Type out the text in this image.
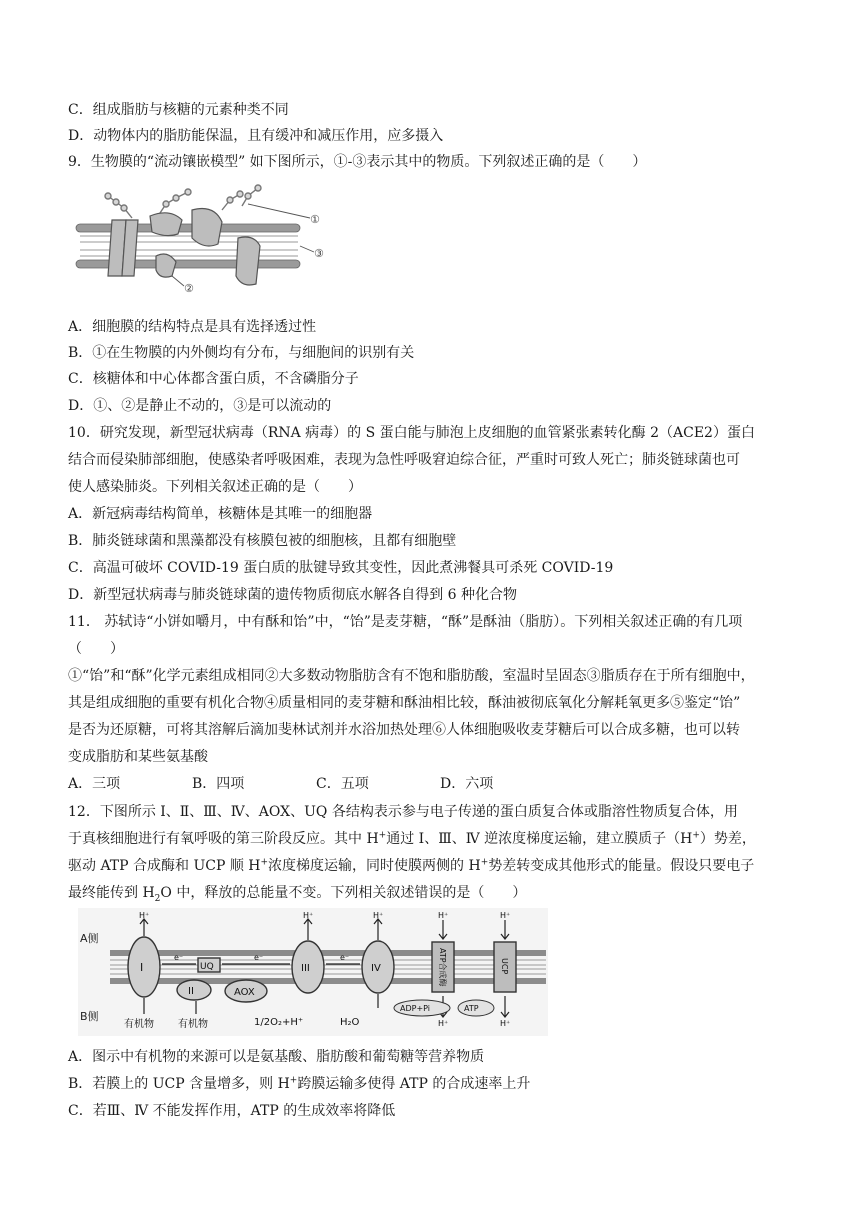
C．组成脂肪与核糖的元素种类不同
D．动物体内的脂肪能保温，且有缓冲和减压作用，应多摄入
9．生物膜的“流动镶嵌模型” 如下图所示，①-③表示其中的物质。下列叙述正确的是（　　）
①
③
②
A．细胞膜的结构特点是具有选择透过性
B．①在生物膜的内外侧均有分布，与细胞间的识别有关
C．核糖体和中心体都含蛋白质，不含磷脂分子
D．①、②是静止不动的，③是可以流动的
10．研究发现，新型冠状病毒（RNA 病毒）的 S 蛋白能与肺泡上皮细胞的血管紧张素转化酶 2（ACE2）蛋白
结合而侵染肺部细胞，使感染者呼吸困难，表现为急性呼吸窘迫综合征，严重时可致人死亡；肺炎链球菌也可
使人感染肺炎。下列相关叙述正确的是（　　）
A．新冠病毒结构简单，核糖体是其唯一的细胞器
B．肺炎链球菌和黑藻都没有核膜包被的细胞核，且都有细胞壁
C．高温可破坏 COVID-19 蛋白质的肽键导致其变性，因此煮沸餐具可杀死 COVID-19
D．新型冠状病毒与肺炎链球菌的遗传物质彻底水解各自得到 6 种化合物
11． 苏轼诗“小饼如嚼月，中有酥和饴”中，“饴”是麦芽糖，“酥”是酥油（脂肪）。下列相关叙述正确的有几项
（　　）
①“饴”和“酥”化学元素组成相同②大多数动物脂肪含有不饱和脂肪酸，室温时呈固态③脂质存在于所有细胞中，
其是组成细胞的重要有机化合物④质量相同的麦芽糖和酥油相比较，酥油被彻底氧化分解耗氧更多⑤鉴定“饴”
是否为还原糖，可将其溶解后滴加斐林试剂并水浴加热处理⑥人体细胞吸收麦芽糖后可以合成多糖，也可以转
变成脂肪和某些氨基酸
A．三项	B．四项	C．五项	D．六项
12．下图所示 Ⅰ、Ⅱ、Ⅲ、Ⅳ、AOX、UQ 各结构表示参与电子传递的蛋白质复合体或脂溶性物质复合体，用
于真核细胞进行有氧呼吸的第三阶段反应。其中 H+通过 Ⅰ、Ⅲ、Ⅳ 逆浓度梯度运输，建立膜质子（H+）势差，
驱动 ATP 合成酶和 UCP 顺 H+浓度梯度运输，同时使膜两侧的 H+势差转变成其他形式的能量。假设只要电子
最终能传到 $H_2O$ 中，释放的总能量不变。下列相关叙述错误的是（　　）
A侧
B侧
I
II
UQ
AOX
III	IV	ATP合成酶	UCP
H⁺	H⁺	H⁺	H⁺	H⁺
H⁺	H⁺
e⁻	e⁻	e⁻
有机物 有机物	1/2O₂+H⁺	H₂O
ADP+Pi	ATP
A．图示中有机物的来源可以是氨基酸、脂肪酸和葡萄糖等营养物质
B．若膜上的 UCP 含量增多，则 H+跨膜运输多使得 ATP 的合成速率上升
C．若Ⅲ、Ⅳ 不能发挥作用，ATP 的生成效率将降低
